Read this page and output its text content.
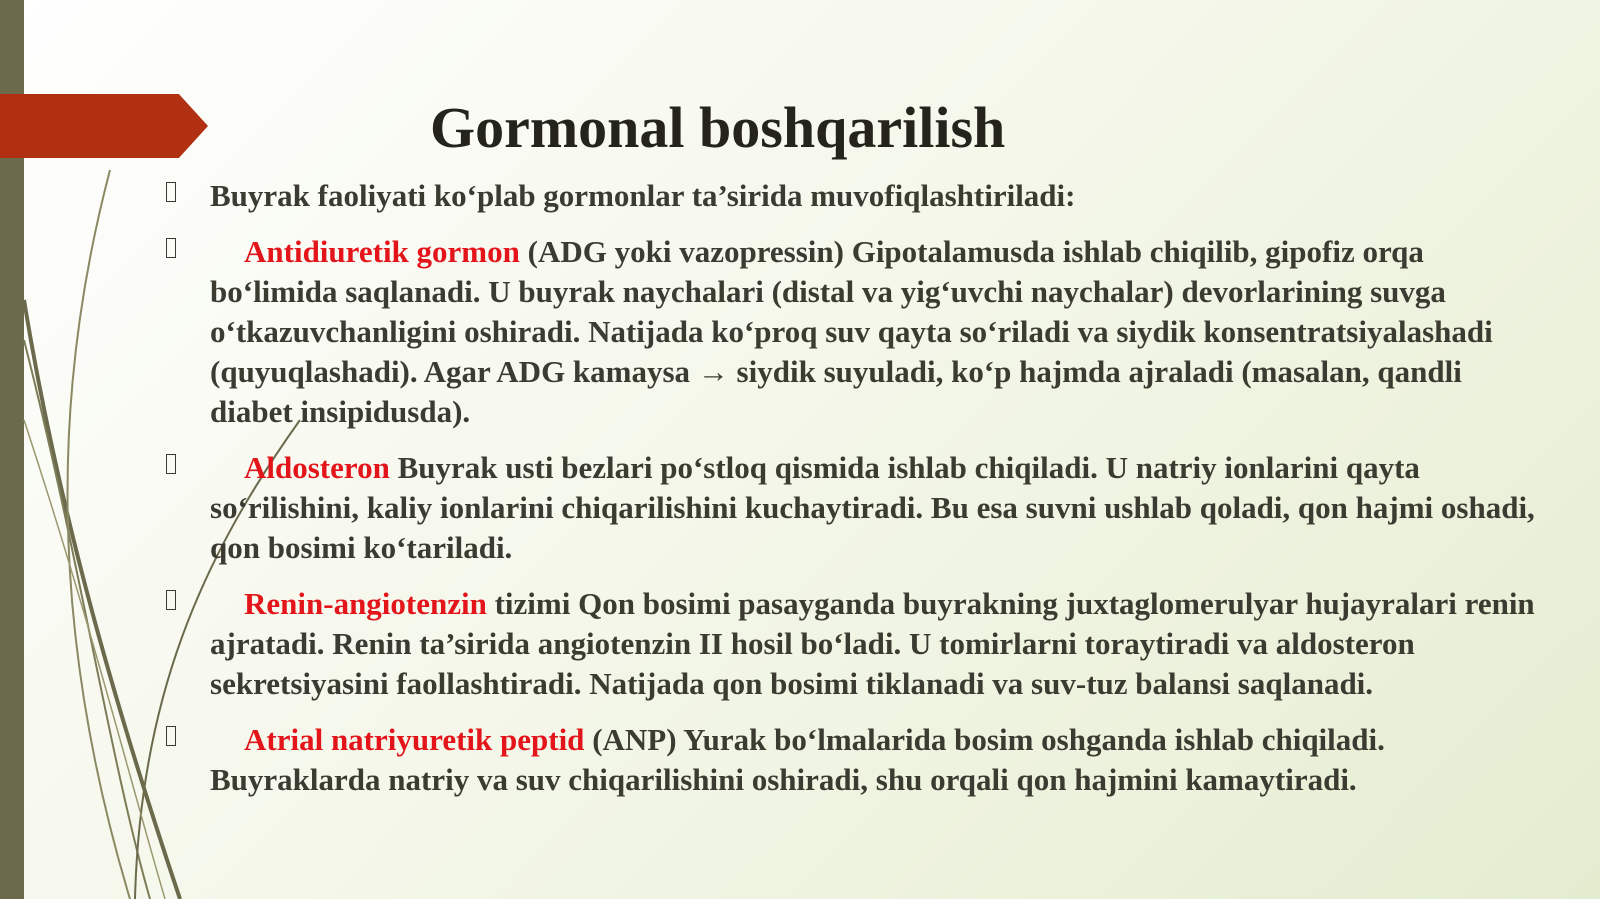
Gormonal boshqarilish
Buyrak faoliyati ko‘plab gormonlar ta’sirida muvofiqlashtiriladi:
Antidiuretik gormon (ADG yoki vazopressin) Gipotalamusda ishlab chiqilib, gipofiz orqa bo‘limida saqlanadi. U buyrak naychalari (distal va yig‘uvchi naychalar) devorlarining suvga o‘tkazuvchanligini oshiradi. Natijada ko‘proq suv qayta so‘riladi va siydik konsentratsiyalashadi (quyuqlashadi). Agar ADG kamaysa → siydik suyuladi, ko‘p hajmda ajraladi (masalan, qandli diabet insipidusda).
Aldosteron Buyrak usti bezlari po‘stloq qismida ishlab chiqiladi. U natriy ionlarini qayta so‘rilishini, kaliy ionlarini chiqarilishini kuchaytiradi. Bu esa suvni ushlab qoladi, qon hajmi oshadi, qon bosimi ko‘tariladi.
Renin-angiotenzin tizimi Qon bosimi pasayganda buyrakning juxtaglomerulyar hujayralari renin ajratadi. Renin ta’sirida angiotenzin II hosil bo‘ladi. U tomirlarni toraytiradi va aldosteron sekretsiyasini faollashtiradi. Natijada qon bosimi tiklanadi va suv-tuz balansi saqlanadi.
Atrial natriyuretik peptid (ANP) Yurak bo‘lmalarida bosim oshganda ishlab chiqiladi. Buyraklarda natriy va suv chiqarilishini oshiradi, shu orqali qon hajmini kamaytiradi.
